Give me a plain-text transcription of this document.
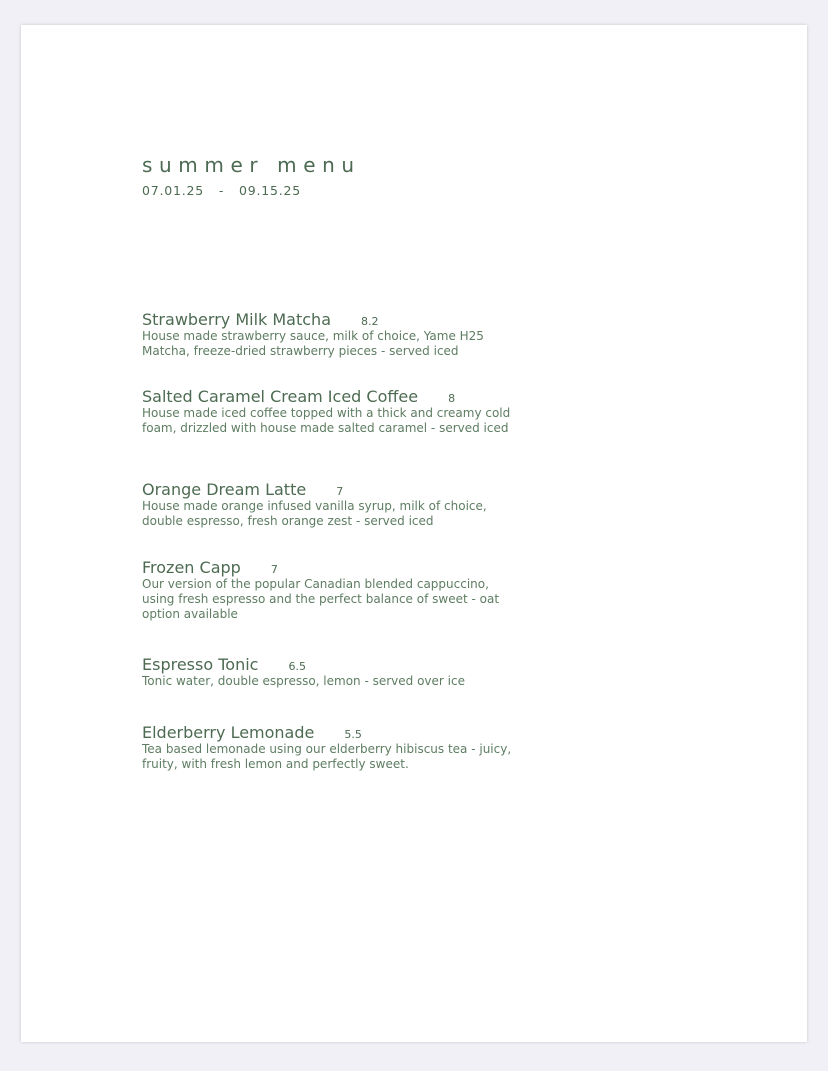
summer menu
07.01.25 - 09.15.25
Strawberry Milk Matcha	8.2
House made strawberry sauce, milk of choice, Yame H25 Matcha, freeze-dried strawberry pieces - served iced
Salted Caramel Cream Iced Coffee	8
House made iced coffee topped with a thick and creamy cold foam, drizzled with house made salted caramel - served iced
Orange Dream Latte	7
House made orange infused vanilla syrup, milk of choice, double espresso, fresh orange zest - served iced
Frozen Capp	7
Our version of the popular Canadian blended cappuccino, using fresh espresso and the perfect balance of sweet - oat option available
Espresso Tonic	6.5
Tonic water, double espresso, lemon - served over ice
Elderberry Lemonade	5.5
Tea based lemonade using our elderberry hibiscus tea - juicy, fruity, with fresh lemon and perfectly sweet.
